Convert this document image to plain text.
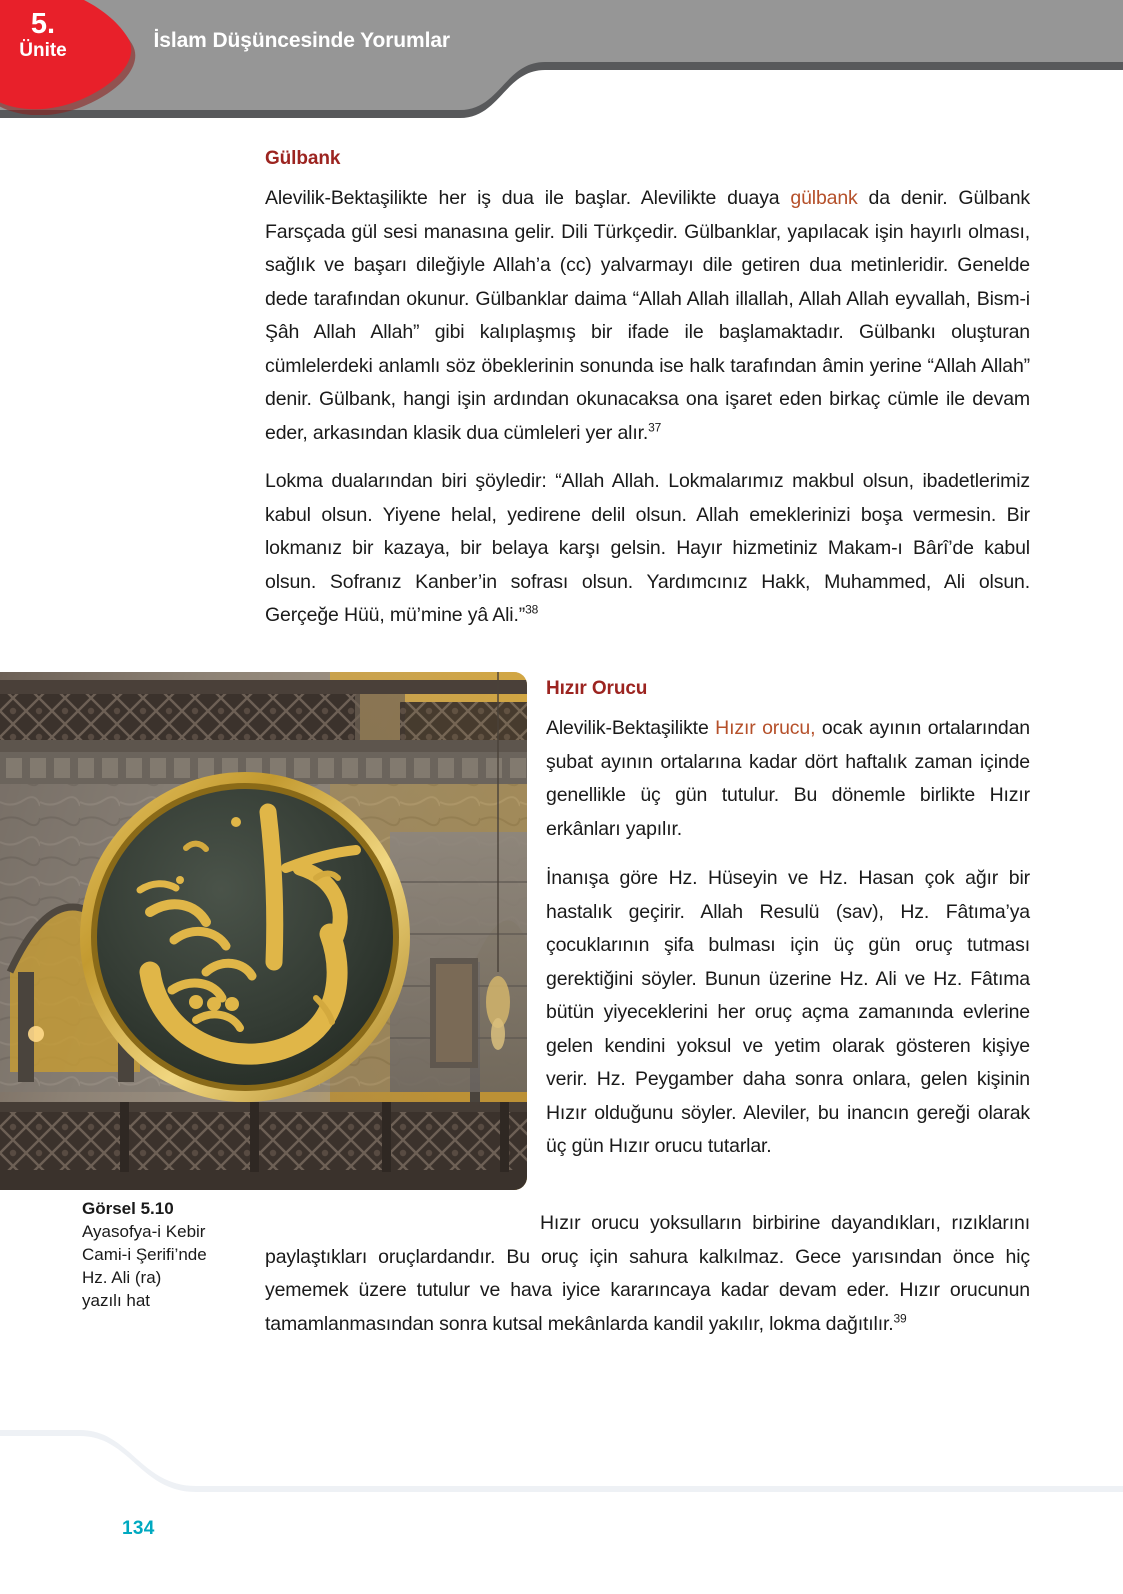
İslam Düşüncesinde Yorumlar
5.
Ünite
Gülbank

Alevilik-Bektaşilikte her iş dua ile başlar. Alevilikte duaya gülbank da denir. Gülbank Farsçada gül sesi manasına gelir. Dili Türkçedir. Gülbanklar, yapılacak işin hayırlı olması, sağlık ve başarı dileğiyle Allah’a (cc) yalvarmayı dile getiren dua metinleridir. Genelde dede tarafından okunur. Gülbanklar daima “Allah Allah illallah, Allah Allah eyvallah, Bism-i Şâh Allah Allah” gibi kalıplaşmış bir ifade ile başlamaktadır. Gülbankı oluşturan cümlelerdeki anlamlı söz öbeklerinin sonunda ise halk tarafından âmin yerine “Allah Allah” denir. Gülbank, hangi işin ardından okunacaksa ona işaret eden birkaç cümle ile devam eder, arkasından klasik dua cümleleri yer alır.$^{37}$

Lokma dualarından biri şöyledir: “Allah Allah. Lokmalarımız makbul olsun, ibadetlerimiz kabul olsun. Yiyene helal, yedirene delil olsun. Allah emeklerinizi boşa vermesin. Bir lokmanız bir kazaya, bir belaya karşı gelsin. Hayır hizmetiniz Makam-ı Bârî’de kabul olsun. Sofranız Kanber’in sofrası olsun. Yardımcınız Hakk, Muhammed, Ali olsun. Gerçeğe Hüü, mü’mine yâ Ali.”$^{38}$

Görsel 5.10
Ayasofya-i Kebir
Cami-i Şerifi’nde
Hz. Ali (ra)
yazılı hat
Hızır Orucu

Alevilik-Bektaşilikte Hızır orucu, ocak ayının ortalarından şubat ayının ortalarına kadar dört haftalık zaman içinde genellikle üç gün tutulur. Bu dönemle birlikte Hızır erkânları yapılır.

İnanışa göre Hz. Hüseyin ve Hz. Hasan çok ağır bir hastalık geçirir. Allah Resulü (sav), Hz. Fâtıma’ya çocuklarının şifa bulması için üç gün oruç tutması gerektiğini söyler. Bunun üzerine Hz. Ali ve Hz. Fâtıma bütün yiyeceklerini her oruç açma zamanında evlerine gelen kendini yoksul ve yetim olarak gösteren kişiye verir. Hz. Peygamber daha sonra onlara, gelen kişinin Hızır olduğunu söyler. Aleviler, bu inancın gereği olarak üç gün Hızır orucu tutarlar.

Hızır orucu yoksulların birbirine dayandıkları, rızıklarını paylaştıkları oruçlardandır. Bu oruç için sahura kalkılmaz. Gece yarısından önce hiç yememek üzere tutulur ve hava iyice kararıncaya kadar devam eder. Hızır orucunun tamamlanmasından sonra kutsal mekânlarda kandil yakılır, lokma dağıtılır.$^{39}$

134
